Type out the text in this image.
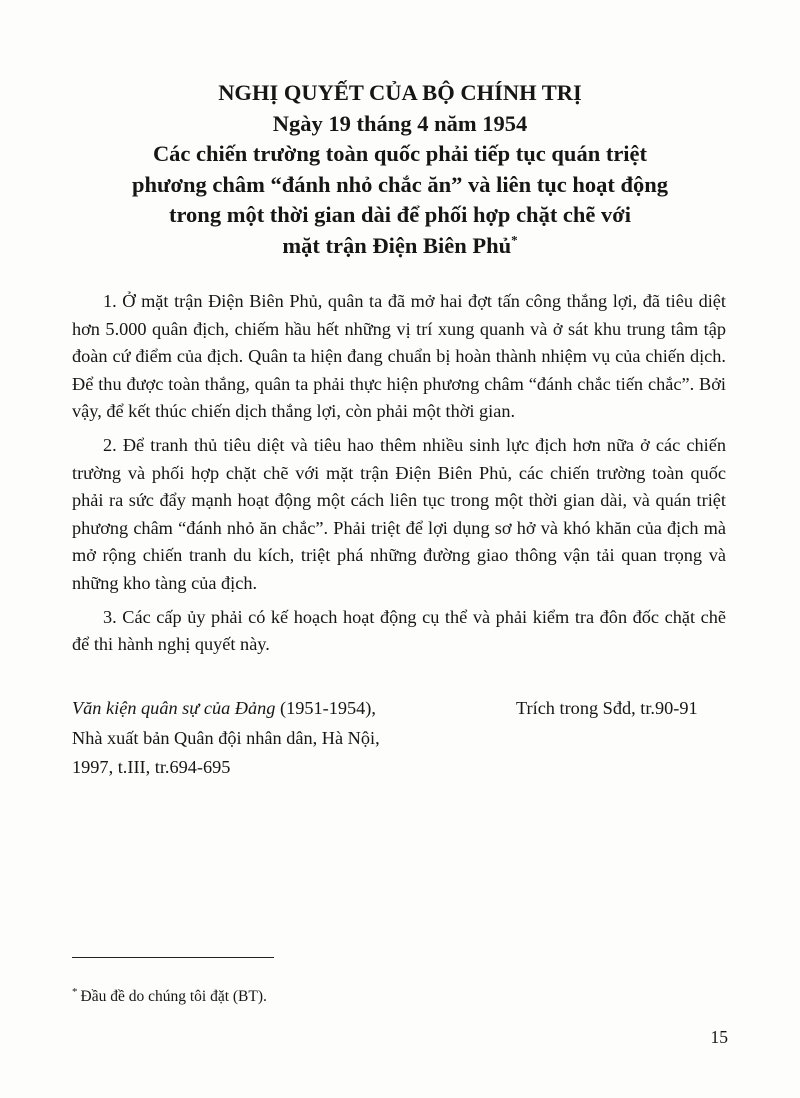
NGHỊ QUYẾT CỦA BỘ CHÍNH TRỊ
Ngày 19 tháng 4 năm 1954
Các chiến trường toàn quốc phải tiếp tục quán triệt
phương châm “đánh nhỏ chắc ăn” và liên tục hoạt động
trong một thời gian dài để phối hợp chặt chẽ với
mặt trận Điện Biên Phủ*

1. Ở mặt trận Điện Biên Phủ, quân ta đã mở hai đợt tấn công thắng lợi, đã tiêu diệt hơn 5.000 quân địch, chiếm hầu hết những vị trí xung quanh và ở sát khu trung tâm tập đoàn cứ điểm của địch. Quân ta hiện đang chuẩn bị hoàn thành nhiệm vụ của chiến dịch. Để thu được toàn thắng, quân ta phải thực hiện phương châm “đánh chắc tiến chắc”. Bởi vậy, để kết thúc chiến dịch thắng lợi, còn phải một thời gian.

2. Để tranh thủ tiêu diệt và tiêu hao thêm nhiều sinh lực địch hơn nữa ở các chiến trường và phối hợp chặt chẽ với mặt trận Điện Biên Phủ, các chiến trường toàn quốc phải ra sức đẩy mạnh hoạt động một cách liên tục trong một thời gian dài, và quán triệt phương châm “đánh nhỏ ăn chắc”. Phải triệt để lợi dụng sơ hở và khó khăn của địch mà mở rộng chiến tranh du kích, triệt phá những đường giao thông vận tải quan trọng và những kho tàng của địch.

3. Các cấp ủy phải có kế hoạch hoạt động cụ thể và phải kiểm tra đôn đốc chặt chẽ để thi hành nghị quyết này.

Văn kiện quân sự của Đảng (1951-1954),
Nhà xuất bản Quân đội nhân dân, Hà Nội,
1997, t.III, tr.694-695
Trích trong Sđd, tr.90-91
* Đầu đề do chúng tôi đặt (BT).
15
